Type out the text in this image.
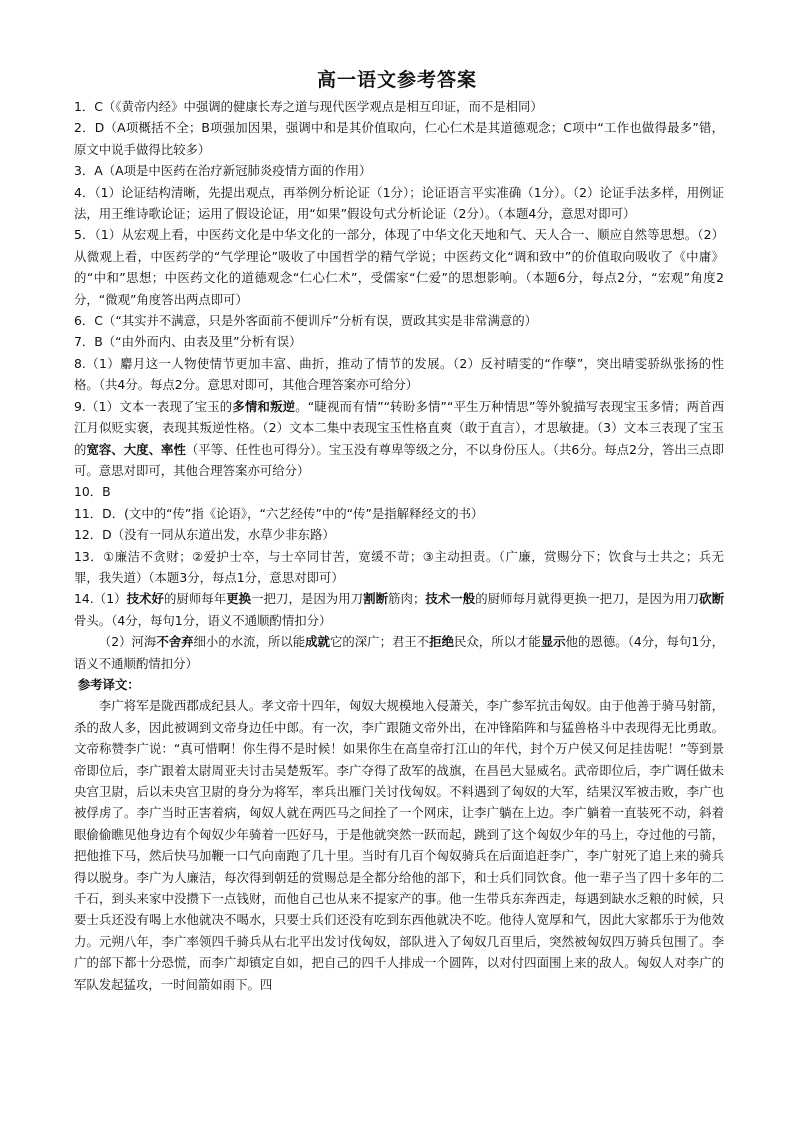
高一语文参考答案

1．C（《黄帝内经》中强调的健康长寿之道与现代医学观点是相互印证，而不是相同）

2．D（A项概括不全；B项强加因果，强调中和是其价值取向，仁心仁术是其道德观念；C项中“工作也做得最多”错，原文中说手做得比较多）

3．A（A项是中医药在治疗新冠肺炎疫情方面的作用）

4．（1）论证结构清晰，先提出观点，再举例分析论证（1分）；论证语言平实准确（1分）。（2）论证手法多样，用例证法，用王维诗歌论证；运用了假设论证，用“如果”假设句式分析论证（2分）。（本题4分，意思对即可）

5．（1）从宏观上看，中医药文化是中华文化的一部分，体现了中华文化天地和气、天人合一、顺应自然等思想。（2）从微观上看，中医药学的“气学理论”吸收了中国哲学的精气学说；中医药文化“调和致中”的价值取向吸收了《中庸》的“中和”思想；中医药文化的道德观念“仁心仁术”，受儒家“仁爱”的思想影响。（本题6分，每点2分，“宏观”角度2分，“微观”角度答出两点即可）

6．C（“其实并不满意，只是外客面前不便训斥”分析有误，贾政其实是非常满意的）

7．B（“由外而内、由表及里”分析有误）

8.（1）麝月这一人物使情节更加丰富、曲折，推动了情节的发展。（2）反衬晴雯的“作孽”，突出晴雯骄纵张扬的性格。（共4分。每点2分。意思对即可，其他合理答案亦可给分）

9.（1）文本一表现了宝玉的多情和叛逆。“睫视而有情”“转盼多情”“平生万种情思”等外貌描写表现宝玉多情；两首西江月似贬实褒，表现其叛逆性格。（2）文本二集中表现宝玉性格直爽（敢于直言），才思敏捷。（3）文本三表现了宝玉的宽容、大度、率性（平等、任性也可得分）。宝玉没有尊卑等级之分，不以身份压人。（共6分。每点2分，答出三点即可。意思对即可，其他合理答案亦可给分）

10．B

11．D．(文中的“传”指《论语》，“六艺经传”中的“传”是指解释经文的书）

12．D（没有一同从东道出发，水草少非东路）

13．①廉洁不贪财；②爱护士卒，与士卒同甘苦，宽缓不苛；③主动担责。（广廉，赏赐分下；饮食与士共之；兵无罪，我失道）（本题3分，每点1分，意思对即可）

14.（1）技术好的厨师每年更换一把刀，是因为用刀割断筋肉；技术一般的厨师每月就得更换一把刀，是因为用刀砍断骨头。（4分，每句1分，语义不通顺酌情扣分）

（2）河海不舍弃细小的水流，所以能成就它的深广；君王不拒绝民众，所以才能显示他的恩德。（4分，每句1分，语义不通顺酌情扣分）

参考译文：

李广将军是陇西郡成纪县人。孝文帝十四年，匈奴大规模地入侵萧关，李广参军抗击匈奴。由于他善于骑马射箭，杀的敌人多，因此被调到文帝身边任中郎。有一次，李广跟随文帝外出，在冲锋陷阵和与猛兽格斗中表现得无比勇敢。文帝称赞李广说：“真可惜啊！你生得不是时候！如果你生在高皇帝打江山的年代，封个万户侯又何足挂齿呢！”等到景帝即位后，李广跟着太尉周亚夫讨击吴楚叛军。李广夺得了敌军的战旗，在昌邑大显威名。武帝即位后，李广调任做未央宫卫尉，后以未央宫卫尉的身分为将军，率兵出雁门关讨伐匈奴。不料遇到了匈奴的大军，结果汉军被击败，李广也被俘虏了。李广当时正害着病，匈奴人就在两匹马之间拴了一个网床，让李广躺在上边。李广躺着一直装死不动，斜着眼偷偷瞧见他身边有个匈奴少年骑着一匹好马，于是他就突然一跃而起，跳到了这个匈奴少年的马上，夺过他的弓箭，把他推下马，然后快马加鞭一口气向南跑了几十里。当时有几百个匈奴骑兵在后面追赶李广，李广射死了追上来的骑兵得以脱身。李广为人廉洁，每次得到朝廷的赏赐总是全都分给他的部下，和士兵们同饮食。他一辈子当了四十多年的二千石，到头来家中没攒下一点钱财，而他自己也从来不提家产的事。他一生带兵东奔西走，每遇到缺水乏粮的时候，只要士兵还没有喝上水他就决不喝水，只要士兵们还没有吃到东西他就决不吃。他待人宽厚和气，因此大家都乐于为他效力。元朔八年，李广率领四千骑兵从右北平出发讨伐匈奴，部队进入了匈奴几百里后，突然被匈奴四万骑兵包围了。李广的部下都十分恐慌，而李广却镇定自如，把自己的四千人排成一个圆阵，以对付四面围上来的敌人。匈奴人对李广的军队发起猛攻，一时间箭如雨下。四
